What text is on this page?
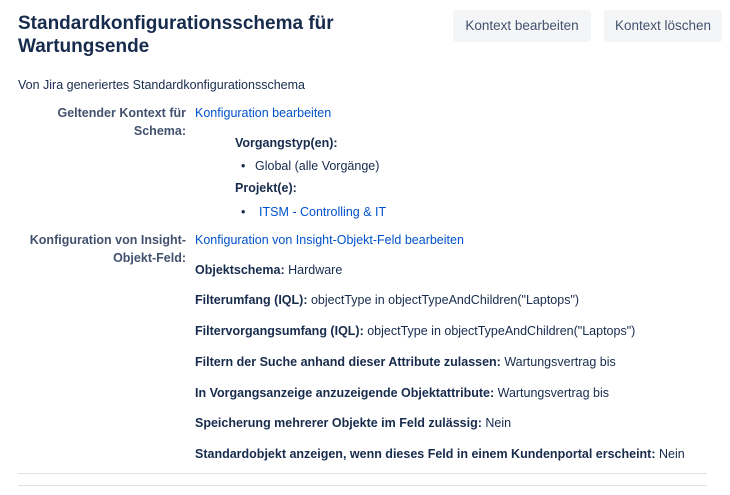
Standardkonfigurationsschema für
Wartungsende
Kontext bearbeiten	Kontext löschen
Von Jira generiertes Standardkonfigurationsschema
Geltender Kontext für
Schema:
Konfiguration bearbeiten
Vorgangstyp(en):
• Global (alle Vorgänge)
Projekt(e):
• ITSM - Controlling & IT
Konfiguration von Insight-
Objekt-Feld:
Konfiguration von Insight-Objekt-Feld bearbeiten
Objektschema: Hardware
Filterumfang (IQL): objectType in objectTypeAndChildren("Laptops")
Filtervorgangsumfang (IQL): objectType in objectTypeAndChildren("Laptops")
Filtern der Suche anhand dieser Attribute zulassen: Wartungsvertrag bis
In Vorgangsanzeige anzuzeigende Objektattribute: Wartungsvertrag bis
Speicherung mehrerer Objekte im Feld zulässig: Nein
Standardobjekt anzeigen, wenn dieses Feld in einem Kundenportal erscheint: Nein
